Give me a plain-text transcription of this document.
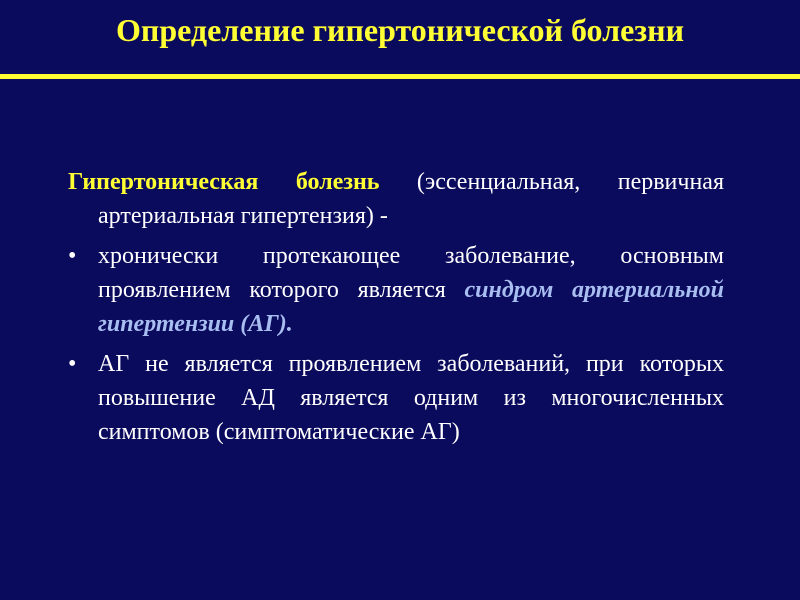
Определение гипертонической болезни

Гипертоническая болезнь (эссенциальная, первичная артериальная гипертензия) -

• хронически протекающее заболевание, основным проявлением которого является синдром артериальной гипертензии (АГ).
• АГ не является проявлением заболеваний, при которых повышение АД является одним из многочисленных симптомов (симптоматические АГ)
